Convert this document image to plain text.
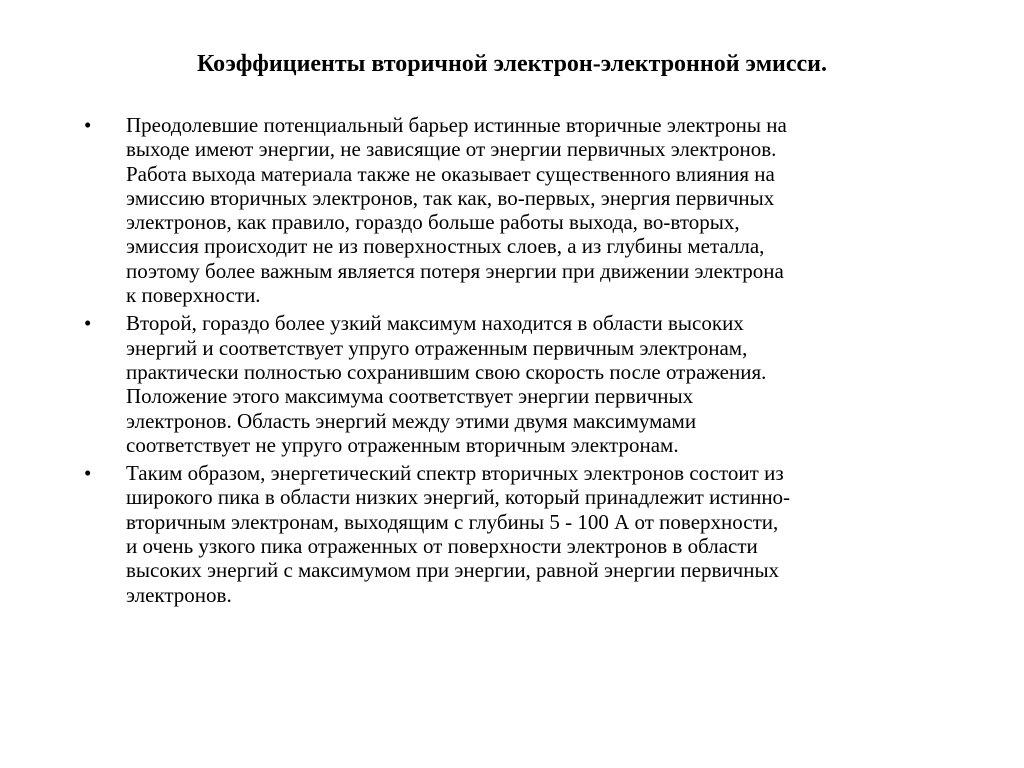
Коэффициенты вторичной электрон-электронной эмисси.
• Преодолевшие потенциальный барьер истинные вторичные электроны на
выходе имеют энергии, не зависящие от энергии первичных электронов.
Работа выхода материала также не оказывает существенного влияния на
эмиссию вторичных электронов, так как, во-первых, энергия первичных
электронов, как правило, гораздо больше работы выхода, во-вторых,
эмиссия происходит не из поверхностных слоев, а из глубины металла,
поэтому более важным является потеря энергии при движении электрона
к поверхности.
• Второй, гораздо более узкий максимум находится в области высоких
энергий и соответствует упруго отраженным первичным электронам,
практически полностью сохранившим свою скорость после отражения.
Положение этого максимума соответствует энергии первичных
электронов. Область энергий между этими двумя максимумами
соответствует не упруго отраженным вторичным электронам.
• Таким образом, энергетический спектр вторичных электронов состоит из
широкого пика в области низких энергий, который принадлежит истинно-
вторичным электронам, выходящим с глубины 5 - 100 А от поверхности,
и очень узкого пика отраженных от поверхности электронов в области
высоких энергий с максимумом при энергии, равной энергии первичных
электронов.
